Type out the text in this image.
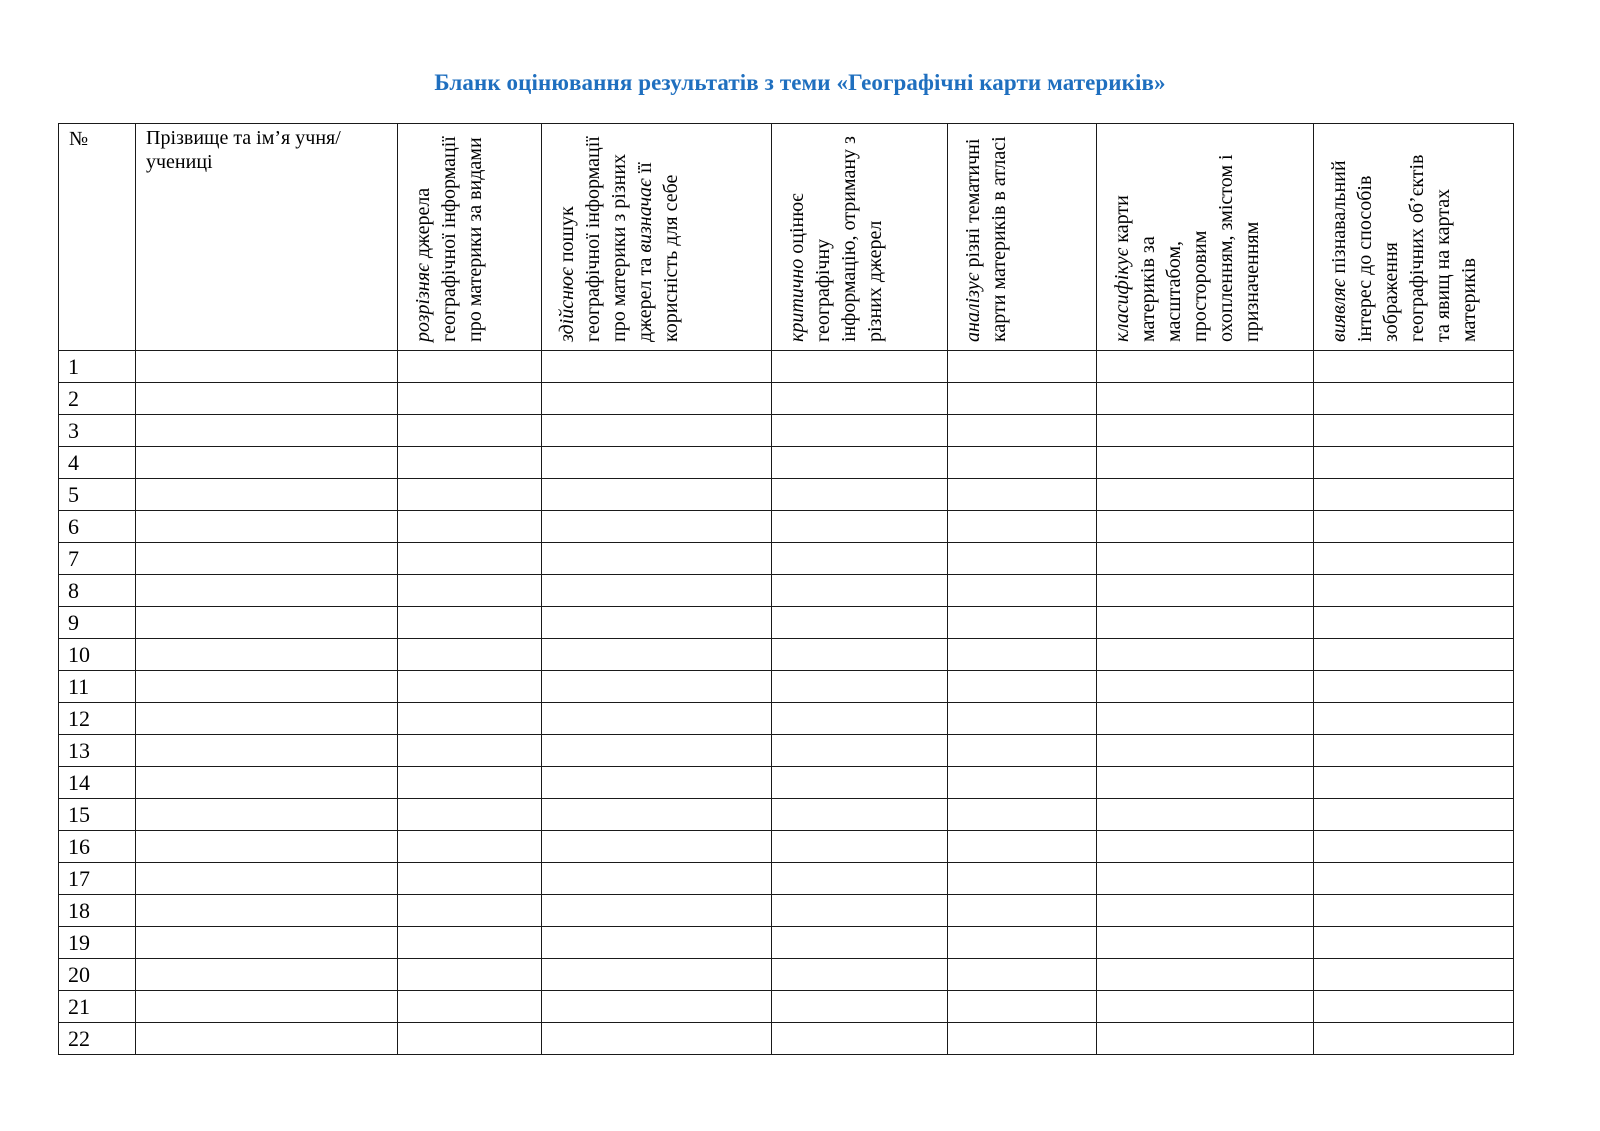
Бланк оцінювання результатів з теми «Географічні карти материків»
№	Прізвище та ім’я учня/учениці	розрізняє джерела географічної інформації про материки за видами	здійснює пошук географічної інформації про материки з різних джерел та визначає її корисність для себе	критично оцінює географічну інформацію, отриману з різних джерел	аналізує різні тематичні карти материків в атласі	класифікує карти материків за масштабом, просторовим охопленням, змістом і призначенням	виявляє пізнавальний інтерес до способів зображення географічних об’єктів та явищ на картах материків

1							
2							
3							
4							
5							
6							
7							
8							
9							
10							
11							
12							
13							
14							
15							
16							
17							
18							
19							
20							
21							
22							
